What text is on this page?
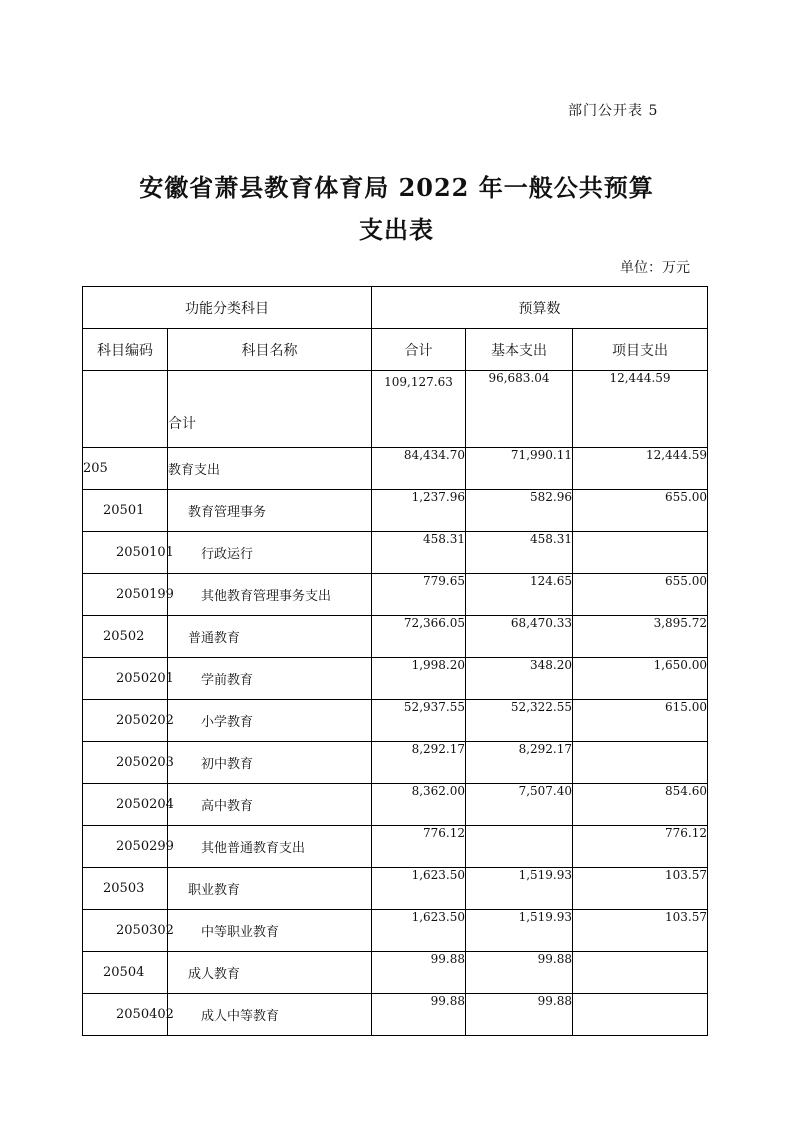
部门公开表 5
安徽省萧县教育体育局 2022 年一般公共预算
支出表
单位：万元
功能分类科目		预算数		
科目编码	科目名称	合计	基本支出	项目支出
	合计	109,127.63	96,683.04	12,444.59
205	教育支出	84,434.70	71,990.11	12,444.59
20501	教育管理事务	1,237.96	582.96	655.00
2050101	行政运行	458.31	458.31	
2050199	其他教育管理事务支出	779.65	124.65	655.00
20502	普通教育	72,366.05	68,470.33	3,895.72
2050201	学前教育	1,998.20	348.20	1,650.00
2050202	小学教育	52,937.55	52,322.55	615.00
2050203	初中教育	8,292.17	8,292.17	
2050204	高中教育	8,362.00	7,507.40	854.60
2050299	其他普通教育支出	776.12		776.12
20503	职业教育	1,623.50	1,519.93	103.57
2050302	中等职业教育	1,623.50	1,519.93	103.57
20504	成人教育	99.88	99.88	
2050402	成人中等教育	99.88	99.88	
